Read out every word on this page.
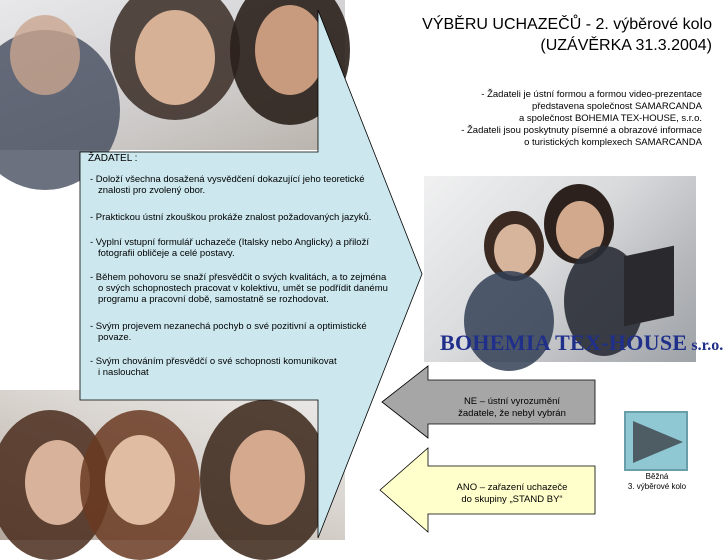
VÝBĚRU UCHAZEČŮ - 2. výběrové kolo
(UZÁVĚRKA 31.3.2004)
- Žadateli je ústní formou a formou video-prezentace
představena společnost SAMARCANDA
a společnost BOHEMIA TEX-HOUSE, s.r.o.
- Žadateli jsou poskytnuty písemné a obrazové informace
o turistických komplexech SAMARCANDA
ŽADATEL :
- Doloží všechna dosažená vysvědčení dokazující jeho teoretické
znalosti pro zvolený obor.
- Praktickou ústní zkouškou prokáže znalost požadovaných jazyků.
- Vyplní vstupní formulář uchazeče (Italsky nebo Anglicky) a přiloží
fotografii obličeje a celé postavy.
- Během pohovoru se snaží přesvědčit o svých kvalitách, a to zejména
o svých schopnostech pracovat v kolektivu, umět se podřídit danému
programu a pracovní době, samostatně se rozhodovat.
- Svým projevem nezanechá pochyb o své pozitivní a optimistické
povaze.
- Svým chováním přesvědčí o své schopnosti komunikovat
i naslouchat
NE – ústní vyrozumění
žadatele, že nebyl vybrán
ANO – zařazení uchazeče
do skupiny „STAND BY“
BOHEMIA TEX-HOUSE s.r.o.
Běžná
3. výběrové kolo
